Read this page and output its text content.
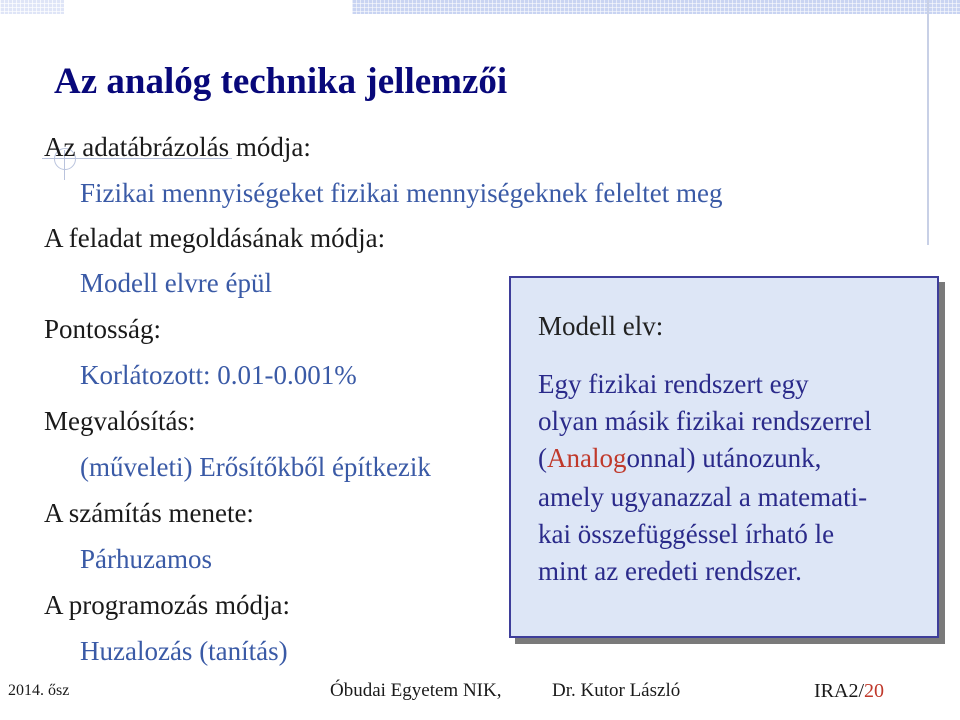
Az analóg technika jellemzői
Az adatábrázolás módja:
Fizikai mennyiségeket fizikai mennyiségeknek feleltet meg
A feladat megoldásának módja:
Modell elvre épül
Pontosság:
Korlátozott: 0.01-0.001%
Megvalósítás:
(műveleti) Erősítőkből építkezik
A számítás menete:
Párhuzamos
A programozás módja:
Huzalozás (tanítás)
Modell elv:
Egy fizikai rendszert egy
olyan másik fizikai rendszerrel
(Analogonnal) utánozunk,
amely ugyanazzal a matemati-
kai összefüggéssel írható le
mint az eredeti rendszer.
2014. ősz	Óbudai Egyetem NIK,	Dr. Kutor László	IRA2/20
